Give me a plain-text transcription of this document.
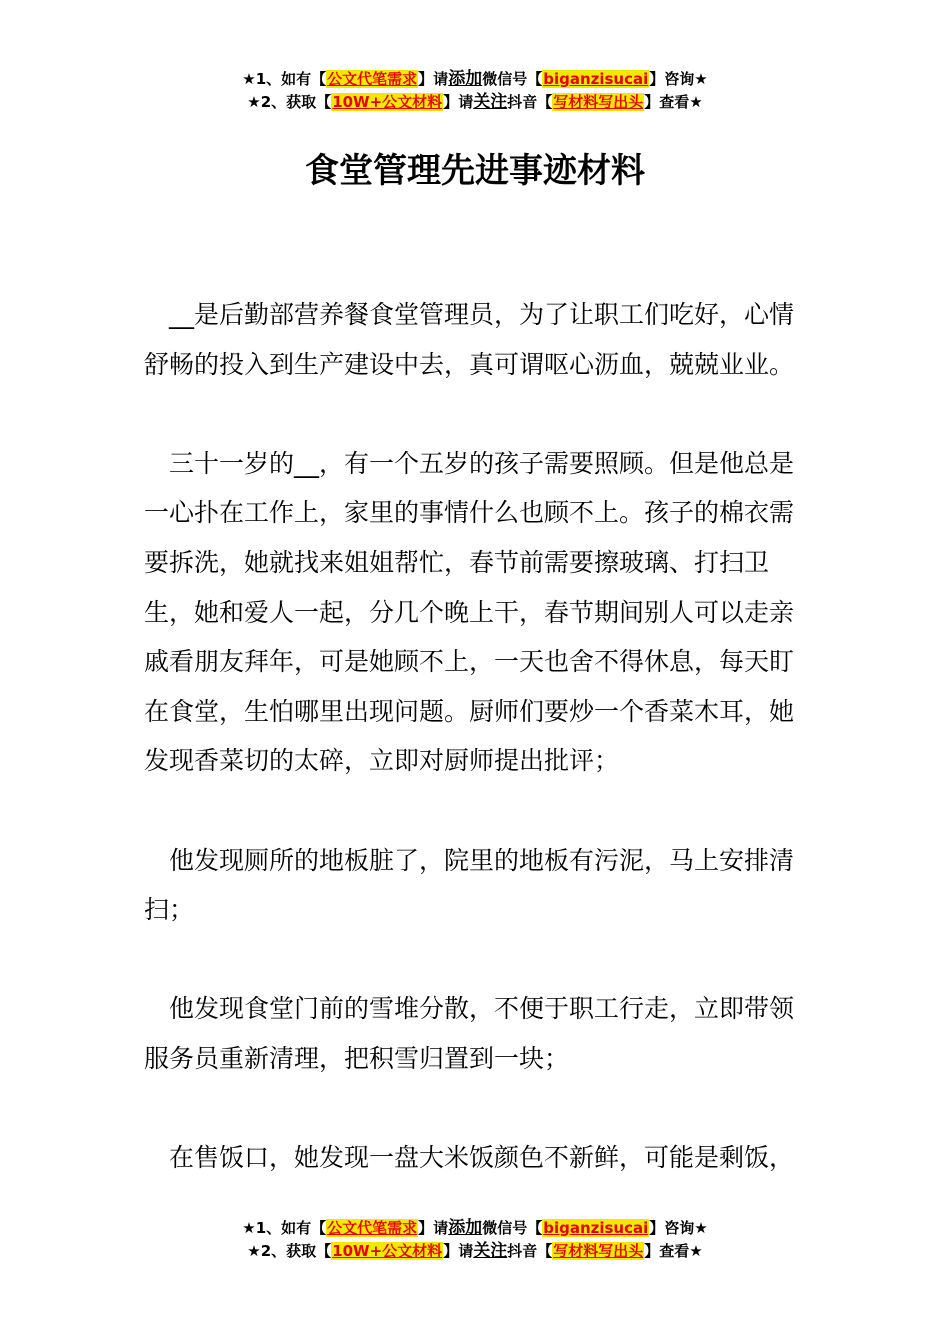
★1、如有【公文代笔需求】请添加微信号【biganzisucai】咨询★
★2、获取【10W+公文材料】请关注抖音【写材料写出头】查看★
食堂管理先进事迹材料

__是后勤部营养餐食堂管理员，为了让职工们吃好，心情舒畅的投入到生产建设中去，真可谓呕心沥血，兢兢业业。

三十一岁的__，有一个五岁的孩子需要照顾。但是他总是一心扑在工作上，家里的事情什么也顾不上。孩子的棉衣需要拆洗，她就找来姐姐帮忙，春节前需要擦玻璃、打扫卫生，她和爱人一起，分几个晚上干，春节期间别人可以走亲戚看朋友拜年，可是她顾不上，一天也舍不得休息，每天盯在食堂，生怕哪里出现问题。厨师们要炒一个香菜木耳，她发现香菜切的太碎，立即对厨师提出批评；

他发现厕所的地板脏了，院里的地板有污泥，马上安排清扫；

他发现食堂门前的雪堆分散，不便于职工行走，立即带领服务员重新清理，把积雪归置到一块；

在售饭口，她发现一盘大米饭颜色不新鲜，可能是剩饭，

★1、如有【公文代笔需求】请添加微信号【biganzisucai】咨询★
★2、获取【10W+公文材料】请关注抖音【写材料写出头】查看★
